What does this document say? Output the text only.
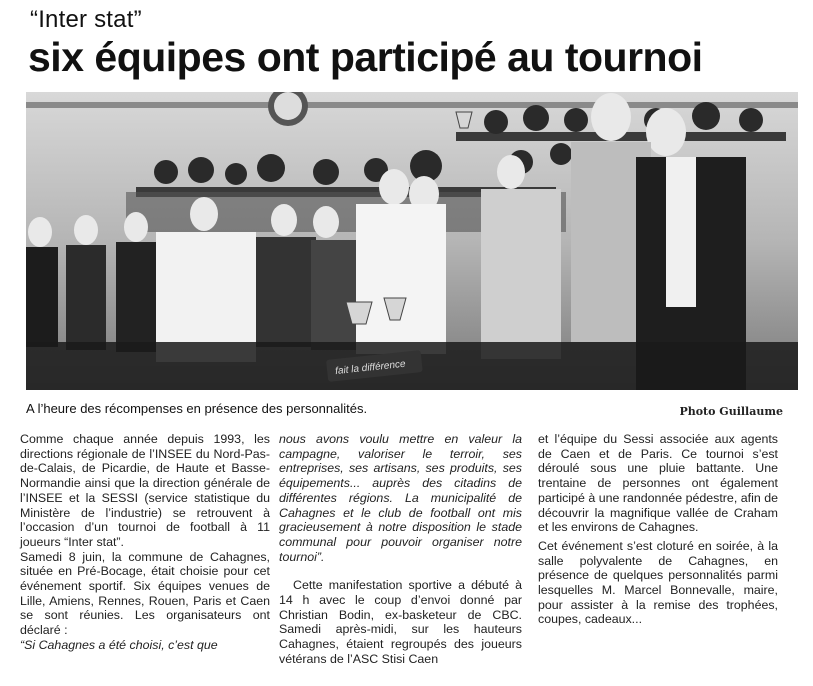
“Inter stat”
six équipes ont participé au tournoi
fait la différence
A l’heure des récompenses en présence des personnalités.	Photo Guillaume

Comme chaque année depuis 1993, les directions régionale de l’INSEE du Nord-Pas-de-Calais, de Picardie, de Haute et Basse-Normandie ainsi que la direction générale de l’INSEE et la SESSI (service statistique du Ministère de l’industrie) se retrouvent à l’occasion d’un tournoi de football à 11 joueurs “Inter stat”.

Samedi 8 juin, la commune de Cahagnes, située en Pré-Bocage, était choisie pour cet événement sportif. Six équipes venues de Lille, Amiens, Rennes, Rouen, Paris et Caen se sont réunies. Les organisateurs ont déclaré :

“Si Cahagnes a été choisi, c’est que

nous avons voulu mettre en valeur la campagne, valoriser le terroir, ses entreprises, ses artisans, ses produits, ses équipements... auprès des citadins de différentes régions. La municipalité de Cahagnes et le club de football ont mis gracieusement à notre disposition le stade communal pour pouvoir organiser notre tournoi”.

Cette manifestation sportive a débuté à 14 h avec le coup d’envoi donné par Christian Bodin, ex-basketeur de CBC. Samedi après-midi, sur les hauteurs Cahagnes, étaient regroupés des joueurs vétérans de l’ASC Stisi Caen

et l’équipe du Sessi associée aux agents de Caen et de Paris. Ce tournoi s’est déroulé sous une pluie battante. Une trentaine de personnes ont également participé à une randonnée pédestre, afin de découvrir la magnifique vallée de Craham et les environs de Cahagnes.

Cet événement s’est cloturé en soirée, à la salle polyvalente de Cahagnes, en présence de quelques personnalités parmi lesquelles M. Marcel Bonnevalle, maire, pour assister à la remise des trophées, coupes, cadeaux...
